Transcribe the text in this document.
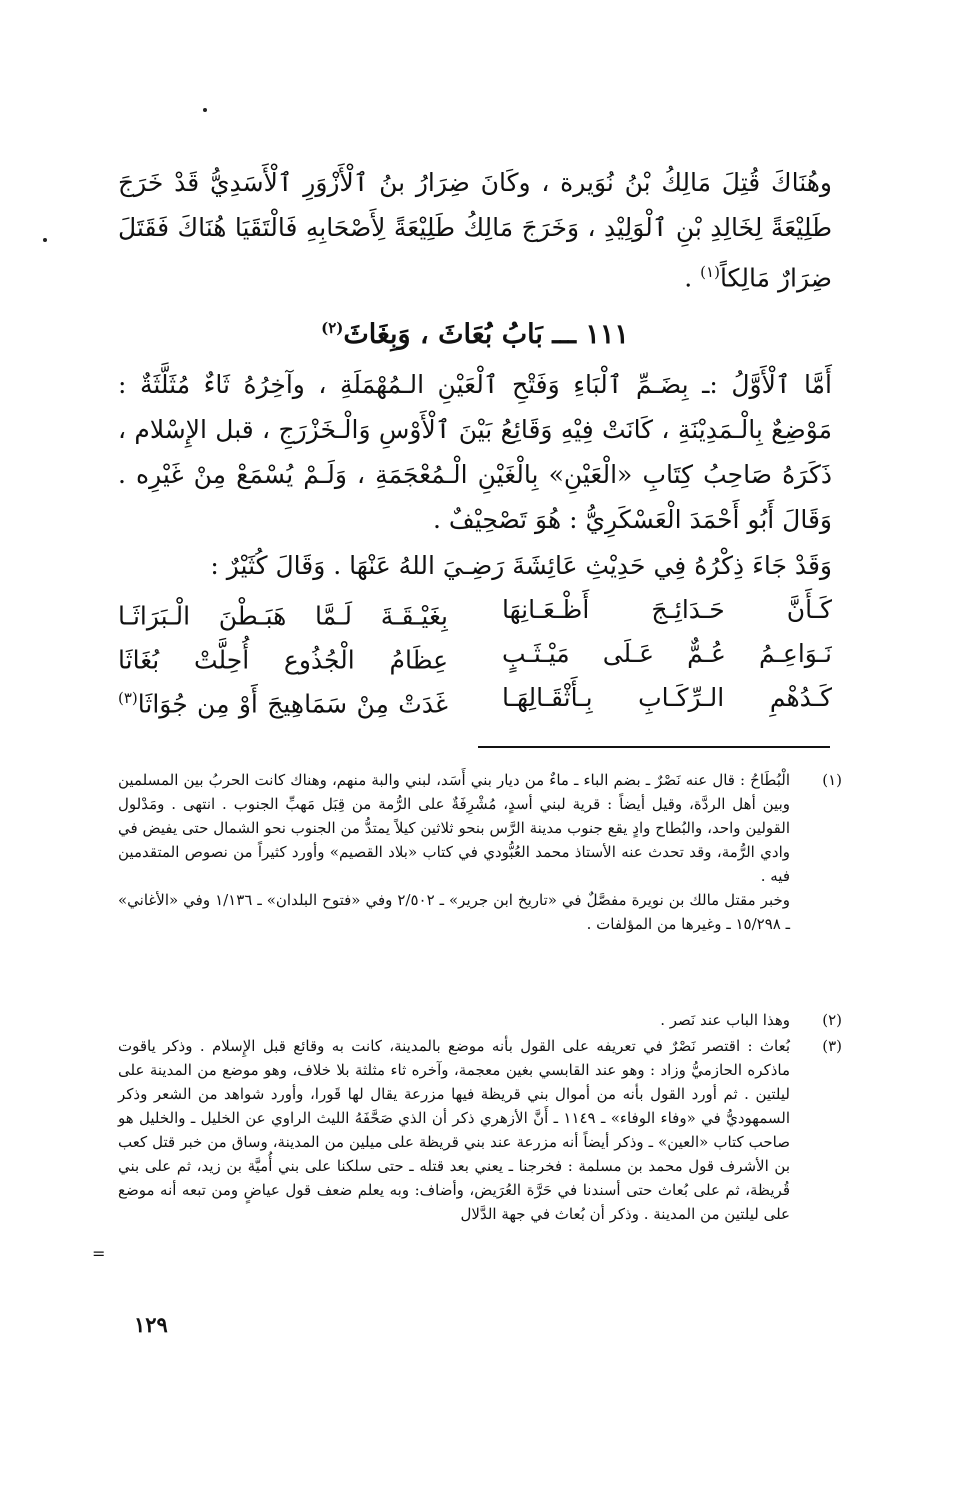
وهُنَاكَ قُتِلَ مَالِكُ بْنُ نُوَيرة ، وكَانَ ضِرَارُ بنُ ٱلْأَزْوَرِ ٱلْأَسَدِيُّ قَدْ خَرَجَ طَلِيْعَةً لِخَالِدِ بْنِ ٱلْوَلِيْدِ ، وَخَرَجَ مَالِكُ طَلِيْعَةً لِأَصْحَابِهِ فَالْتَقَيَا هُنَاكَ فَقَتَلَ ضِرَارٌ مَالِكاً$^{(١)}$ .

١١١ ـــ بَابُ بُعَاثَ ، وَبِغَاثَ$^{(٢)}$

أَمَّا ٱلْأَوَّلُ :ـ بِضَـمِّ ٱلْبَاءِ وَفَتْحِ ٱلْعَيْنِ الـمُهْمَلَةِ ، وآخِرُهُ ثَاءٌ مُثَلَّثَةٌ : مَوْضِعٌ بِالْـمَدِيْنَةِ ، كَانَتْ فِيْهِ وَقَائِعُ بَيْنَ ٱلْأَوْسِ وَالْـخَزْرَجِ ، قبل الإِسْلام ، ذَكَرَهُ صَاحِبُ كِتَابِ «الْعَيْنِ» بِالْغَيْنِ الْـمُعْجَمَةِ ، وَلَـمْ يُسْمَعْ مِنْ غَيْرِه . وَقَالَ أَبُو أَحْمَدَ الْعَسْكَرِيُّ : هُوَ تَصْحِيْفٌ .

وَقَدْ جَاءَ ذِكْرُهُ فِي حَدِيْثِ عَائِشَةَ رَضِـيَ اللهُ عَنْهَا . وَقَالَ كُثَيْرٌ :

كَـأَنَّ حَـدَائِـجَ أَظْـعَـانِهَا
بِغَيْـقَـةَ لَـمَّا هَبَـطْنَ الْـبَرَاثَـا
نَـوَاعِـمُ عُـمٌّ عَـلَى مَيْـثَـبٍ
عِظَامُ الْجُذُوعِ أُحِلَّتْ بُغَاثَا
كَـدُهْمِ الـرِّكَـابِ بِـأَثْقَـالِهَـا
غَدَتْ مِنْ سَمَاهِيجَ أَوْ مِن جُوَاثَا$^{(٣)}$
(١)

الْبُطَاحُ : قال عنه نَصْرٌ ـ بضم الباء ـ ماءٌ من ديار بني أَسَد، لبني والبة منهم، وهناك كانت الحربُ بين المسلمين وبين أهل الردَّة، وقيل أيضاً : قرية لبني أسدٍ، مُشْرِفَةٌ على الرُّمة من قِبَل مَهبِّ الجنوب . انتهى . ومَدْلول القولين واحد، والبُطاح وادٍ يقع جنوب مدينة الرَّس بنحو ثلاثين كيلاً يمتدُّ من الجنوب نحو الشمال حتى يفيض في وادي الرُّمة، وقد تحدث عنه الأستاذ محمد العُبُّودي في كتاب «بلاد القصيم» وأورد كثيراً من نصوص المتقدمين فيه .

وخبر مقتل مالك بن نويرة مفصَّلٌ في «تاريخ ابن جرير» ـ ٢/٥٠٢ وفي «فتوح البلدان» ـ ١/١٣٦ وفي «الأغاني» ـ ١٥/٢٩٨ ـ وغيرها من المؤلفات .

(٢)

وهذا الباب عند نَصر .

(٣)

بُعاث : اقتصر نَصْرٌ في تعريفه على القول بأنه موضع بالمدينة، كانت به وقائع قبل الإِسلام . وذكر ياقوت ماذكره الحازميُّ وزاد : وهو عند القابسي بغين معجمة، وآخره ثاء مثلثة بلا خلاف، وهو موضع من المدينة على ليلتين . ثم أورد القول بأنه من أموال بني قريظة فيها مزرعة يقال لها قَورا، وأورد شواهد من الشعر وذكر السمهوديُّ في «وفاء الوفاء» ـ ١١٤٩ ـ أَنَّ الأزهري ذكر أن الذي صَحَّفَهُ الليث الراوي عن الخليل ـ والخليل هو صاحب كتاب «العين» ـ وذكر أيضاً أنه مزرعة عند بني قريظة على ميلين من المدينة، وساق من خبر قتل كعب بن الأشرف قول محمد بن مسلمة : فخرجنا ـ يعني بعد قتله ـ حتى سلكنا على بني أُميَّة بن زيد، ثم على بني قُريظة، ثم على بُعاث حتى أسندنا في حَرَّة العُرَيض، وأضاف: وبه يعلم ضعف قول عياضٍ ومن تبعه أنه موضع على ليلتين من المدينة . وذكر أن بُعاث في جهة الدَّلال

=
١٢٩
